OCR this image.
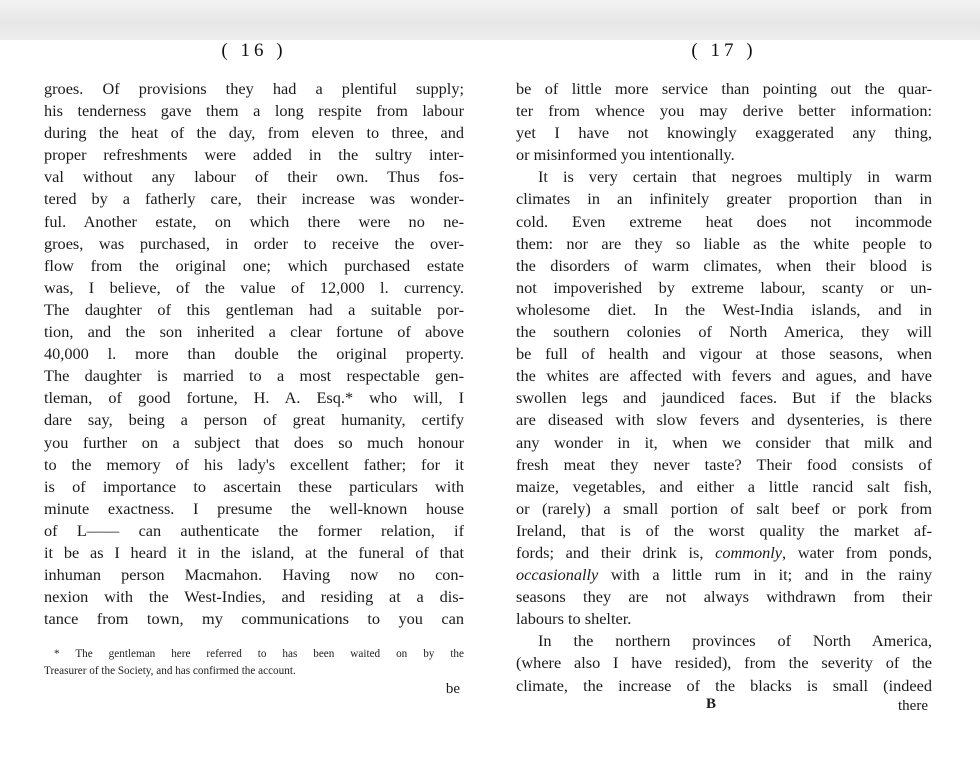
( 16 )
groes. Of provisions they had a plentiful supply;
his tenderness gave them a long respite from labour
during the heat of the day, from eleven to three, and
proper refreshments were added in the sultry inter-
val without any labour of their own. Thus fos-
tered by a fatherly care, their increase was wonder-
ful. Another estate, on which there were no ne-
groes, was purchased, in order to receive the over-
flow from the original one; which purchased estate
was, I believe, of the value of 12,000 l. currency.
The daughter of this gentleman had a suitable por-
tion, and the son inherited a clear fortune of above
40,000 l. more than double the original property.
The daughter is married to a most respectable gen-
tleman, of good fortune, H. A. Esq.* who will, I
dare say, being a person of great humanity, certify
you further on a subject that does so much honour
to the memory of his lady's excellent father; for it
is of importance to ascertain these particulars with
minute exactness. I presume the well-known house
of L—— can authenticate the former relation, if
it be as I heard it in the island, at the funeral of that
inhuman person Macmahon. Having now no con-
nexion with the West-Indies, and residing at a dis-
tance from town, my communications to you can
* The gentleman here referred to has been waited on by the
Treasurer of the Society, and has confirmed the account.
be
( 17 )
be of little more service than pointing out the quar-
ter from whence you may derive better information:
yet I have not knowingly exaggerated any thing,
or misinformed you intentionally.
It is very certain that negroes multiply in warm
climates in an infinitely greater proportion than in
cold. Even extreme heat does not incommode
them: nor are they so liable as the white people to
the disorders of warm climates, when their blood is
not impoverished by extreme labour, scanty or un-
wholesome diet. In the West-India islands, and in
the southern colonies of North America, they will
be full of health and vigour at those seasons, when
the whites are affected with fevers and agues, and have
swollen legs and jaundiced faces. But if the blacks
are diseased with slow fevers and dysenteries, is there
any wonder in it, when we consider that milk and
fresh meat they never taste? Their food consists of
maize, vegetables, and either a little rancid salt fish,
or (rarely) a small portion of salt beef or pork from
Ireland, that is of the worst quality the market af-
fords; and their drink is, commonly, water from ponds,
occasionally with a little rum in it; and in the rainy
seasons they are not always withdrawn from their
labours to shelter.
In the northern provinces of North America,
(where also I have resided), from the severity of the
climate, the increase of the blacks is small (indeed
B	there
